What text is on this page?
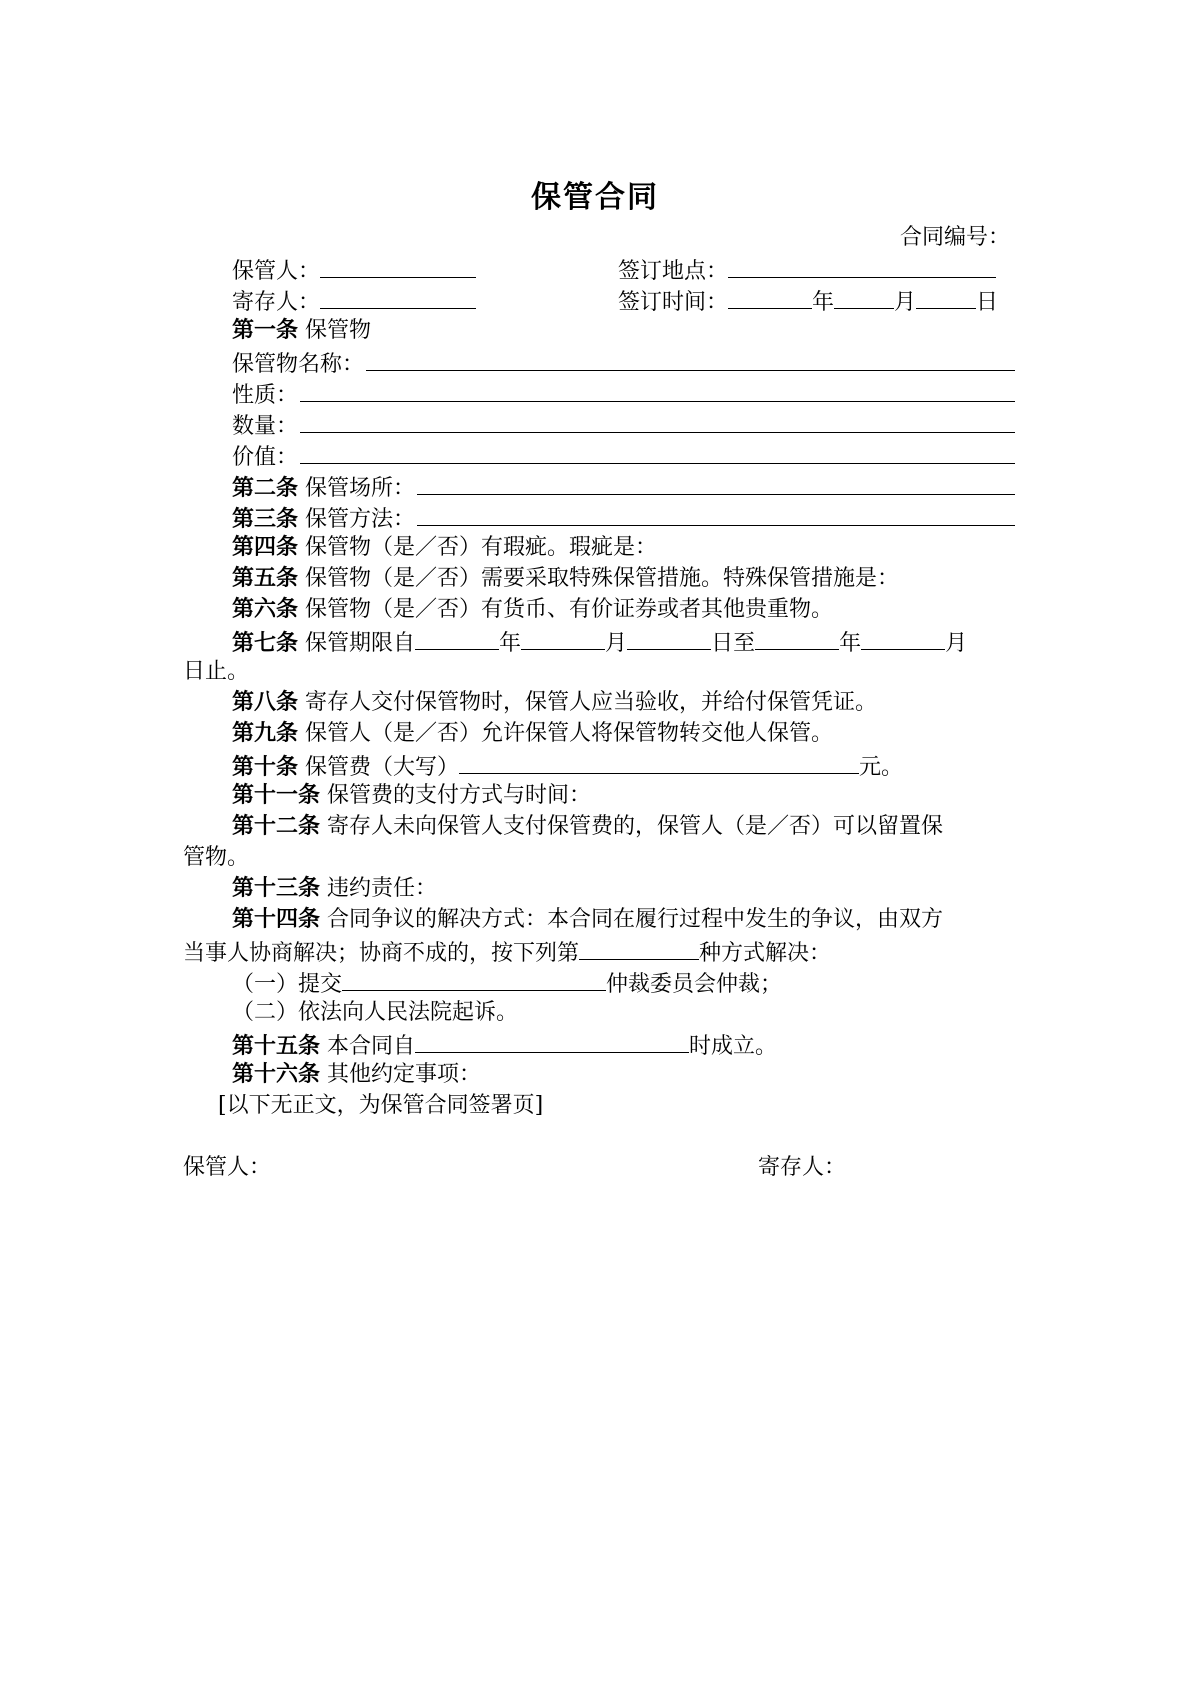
保管合同
合同编号：
保管人：	签订地点：
寄存人：	签订时间：	年	月	日
第一条 保管物
保管物名称：
性质：
数量：
价值：
第二条
保管场所：
第三条
保管方法：
第四条 保管物（是／否）有瑕疵。瑕疵是：
第五条 保管物（是／否）需要采取特殊保管措施。特殊保管措施是：
第六条 保管物（是／否）有货币、有价证券或者其他贵重物。
第七条 保管期限自	年	月	日至	年	月
日止。
第八条 寄存人交付保管物时，保管人应当验收，并给付保管凭证。
第九条 保管人（是／否）允许保管人将保管物转交他人保管。
第十条 保管费（大写）	元。
第十一条 保管费的支付方式与时间：
第十二条 寄存人未向保管人支付保管费的，保管人（是／否）可以留置保
管物。
第十三条 违约责任：
第十四条 合同争议的解决方式：本合同在履行过程中发生的争议，由双方
当事人协商解决；协商不成的，按下列第	种方式解决：
（一）提交	仲裁委员会仲裁；
（二）依法向人民法院起诉。
第十五条 本合同自	时成立。
第十六条 其他约定事项：
[以下无正文，为保管合同签署页]
保管人：	寄存人：
